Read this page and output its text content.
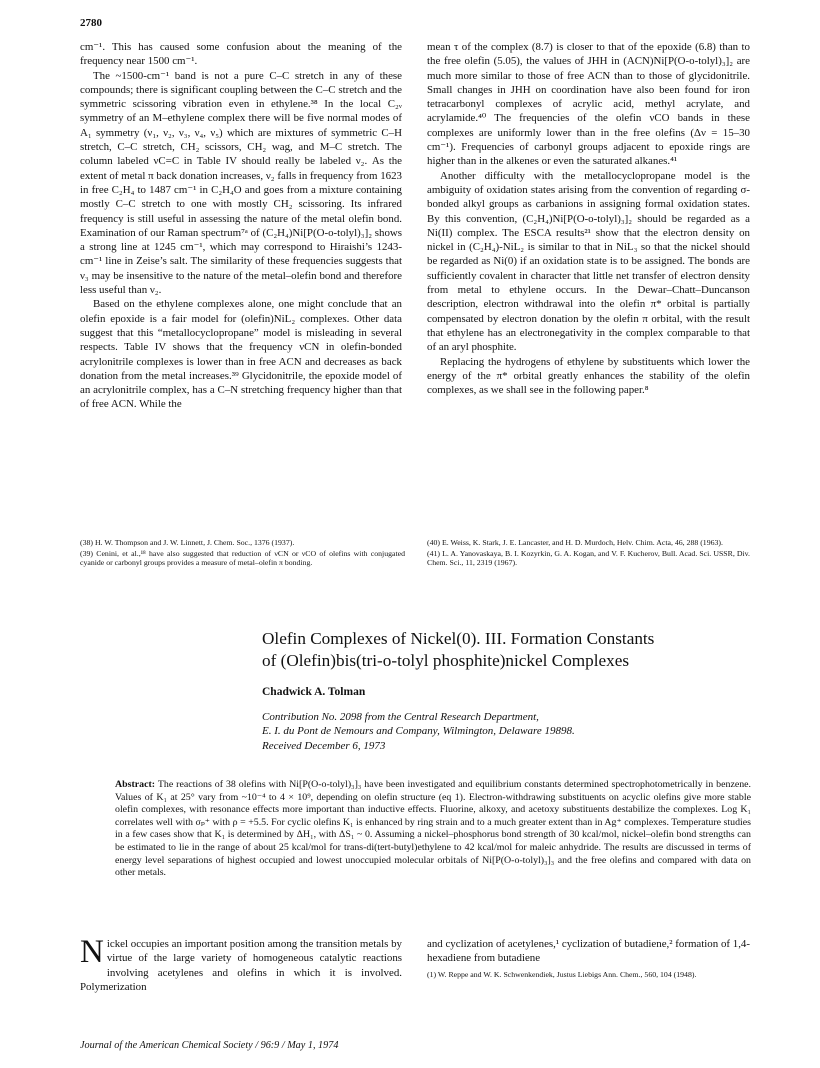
2780

cm⁻¹. This has caused some confusion about the meaning of the frequency near 1500 cm⁻¹.

The ~1500-cm⁻¹ band is not a pure C–C stretch in any of these compounds; there is significant coupling between the C–C stretch and the symmetric scissoring vibration even in ethylene.³⁸ In the local C₂ᵥ symmetry of an M–ethylene complex there will be five normal modes of A₁ symmetry (ν₁, ν₂, ν₃, ν₄, ν₅) which are mixtures of symmetric C–H stretch, C–C stretch, CH₂ scissors, CH₂ wag, and M–C stretch. The column labeled νC=C in Table IV should really be labeled ν₂. As the extent of metal π back donation increases, ν₂ falls in frequency from 1623 in free C₂H₄ to 1487 cm⁻¹ in C₂H₄O and goes from a mixture containing mostly C–C stretch to one with mostly CH₂ scissoring. Its infrared frequency is still useful in assessing the nature of the metal olefin bond. Examination of our Raman spectrum⁷ᵃ of (C₂H₄)Ni[P(O-o-tolyl)₃]₂ shows a strong line at 1245 cm⁻¹, which may correspond to Hiraishi’s 1243-cm⁻¹ line in Zeise’s salt. The similarity of these frequencies suggests that ν₃ may be insensitive to the nature of the metal–olefin bond and therefore less useful than ν₂.

Based on the ethylene complexes alone, one might conclude that an olefin epoxide is a fair model for (olefin)NiL₂ complexes. Other data suggest that this “metallocyclopropane” model is misleading in several respects. Table IV shows that the frequency νCN in olefin-bonded acrylonitrile complexes is lower than in free ACN and decreases as back donation from the metal increases.³⁹ Glycidonitrile, the epoxide model of an acrylonitrile complex, has a C–N stretching frequency higher than that of free ACN. While the

mean τ of the complex (8.7) is closer to that of the epoxide (6.8) than to the free olefin (5.05), the values of JHH in (ACN)Ni[P(O-o-tolyl)₃]₂ are much more similar to those of free ACN than to those of glycidonitrile. Small changes in JHH on coordination have also been found for iron tetracarbonyl complexes of acrylic acid, methyl acrylate, and acrylamide.⁴⁰ The frequencies of the olefin νCO bands in these complexes are uniformly lower than in the free olefins (Δν = 15–30 cm⁻¹). Frequencies of carbonyl groups adjacent to epoxide rings are higher than in the alkenes or even the saturated alkanes.⁴¹

Another difficulty with the metallocyclopropane model is the ambiguity of oxidation states arising from the convention of regarding σ-bonded alkyl groups as carbanions in assigning formal oxidation states. By this convention, (C₂H₄)Ni[P(O-o-tolyl)₃]₂ should be regarded as a Ni(II) complex. The ESCA results²¹ show that the electron density on nickel in (C₂H₄)-NiL₂ is similar to that in NiL₃ so that the nickel should be regarded as Ni(0) if an oxidation state is to be assigned. The bonds are sufficiently covalent in character that little net transfer of electron density from metal to ethylene occurs. In the Dewar–Chatt–Duncanson description, electron withdrawal into the olefin π* orbital is partially compensated by electron donation by the olefin π orbital, with the result that ethylene has an electronegativity in the complex comparable to that of an aryl phosphite.

Replacing the hydrogens of ethylene by substituents which lower the energy of the π* orbital greatly enhances the stability of the olefin complexes, as we shall see in the following paper.⁸

(38) H. W. Thompson and J. W. Linnett, J. Chem. Soc., 1376 (1937).

(39) Cenini, et al.,¹⁸ have also suggested that reduction of νCN or νCO of olefins with conjugated cyanide or carbonyl groups provides a measure of metal–olefin π bonding.

(40) E. Weiss, K. Stark, J. E. Lancaster, and H. D. Murdoch, Helv. Chim. Acta, 46, 288 (1963).

(41) L. A. Yanovaskaya, B. I. Kozyrkin, G. A. Kogan, and V. F. Kucherov, Bull. Acad. Sci. USSR, Div. Chem. Sci., 11, 2319 (1967).

Olefin Complexes of Nickel(0). III. Formation Constants
of (Olefin)bis(tri-o-tolyl phosphite)nickel Complexes
Chadwick A. Tolman
Contribution No. 2098 from the Central Research Department,
E. I. du Pont de Nemours and Company, Wilmington, Delaware 19898.
Received December 6, 1973
Abstract: The reactions of 38 olefins with Ni[P(O-o-tolyl)₃]₃ have been investigated and equilibrium constants determined spectrophotometrically in benzene. Values of K₁ at 25° vary from ~10⁻⁴ to 4 × 10⁹, depending on olefin structure (eq 1). Electron-withdrawing substituents on acyclic olefins give more stable olefin complexes, with resonance effects more important than inductive effects. Fluorine, alkoxy, and acetoxy substituents destabilize the complexes. Log K₁ correlates well with σₚ⁺ with ρ = +5.5. For cyclic olefins K₁ is enhanced by ring strain and to a much greater extent than in Ag⁺ complexes. Temperature studies in a few cases show that K₁ is determined by ΔH₁, with ΔS₁ ~ 0. Assuming a nickel–phosphorus bond strength of 30 kcal/mol, nickel–olefin bond strengths can be estimated to lie in the range of about 25 kcal/mol for trans-di(tert-butyl)ethylene to 42 kcal/mol for maleic anhydride. The results are discussed in terms of energy level separations of highest occupied and lowest unoccupied molecular orbitals of Ni[P(O-o-tolyl)₃]₃ and the free olefins and compared with data on other metals.
N ickel occupies an important position among the transition metals by virtue of the large variety of homogeneous catalytic reactions involving acetylenes and olefins in which it is involved. Polymerization
and cyclization of acetylenes,¹ cyclization of butadiene,² formation of 1,4-hexadiene from butadiene
(1) W. Reppe and W. K. Schwenkendiek, Justus Liebigs Ann. Chem., 560, 104 (1948).
Journal of the American Chemical Society / 96:9 / May 1, 1974
